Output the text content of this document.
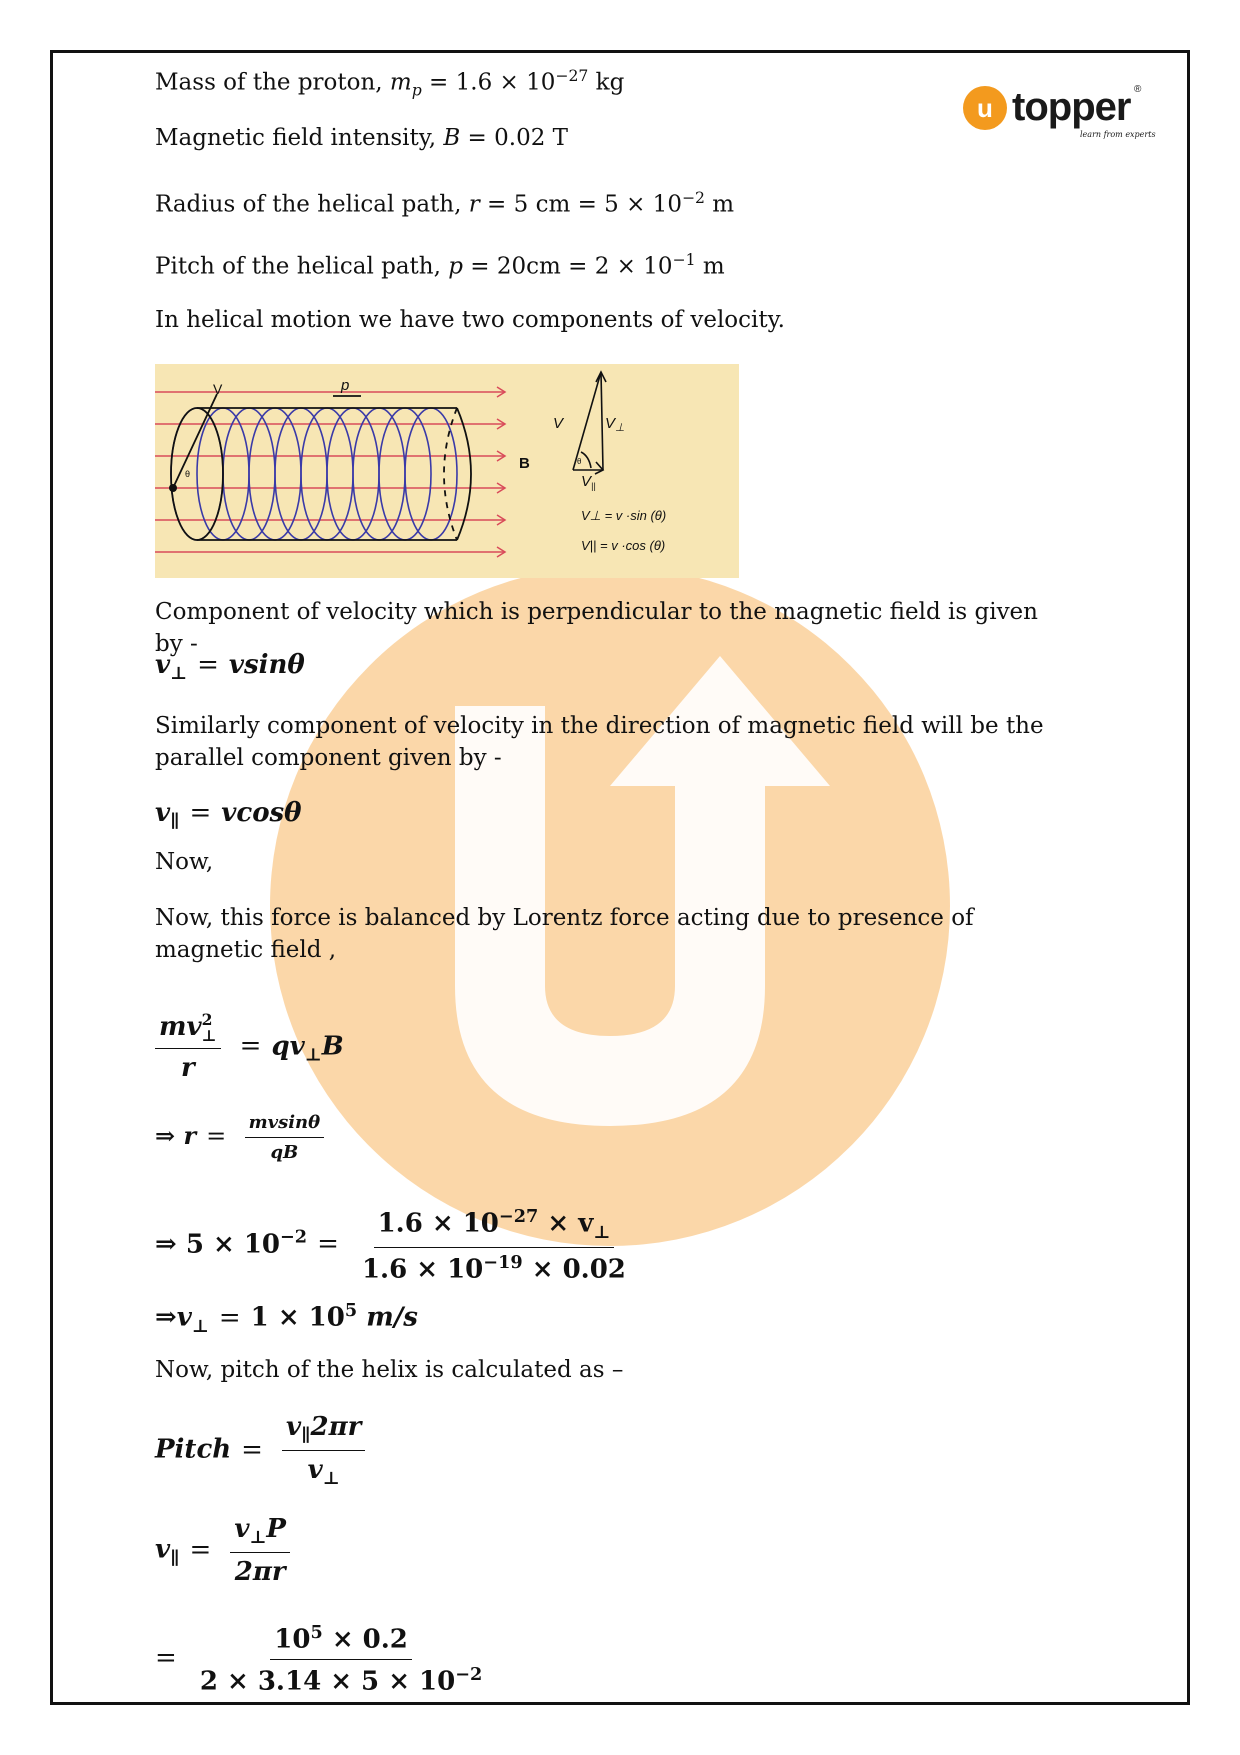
u topper ®
learn from experts

Mass of the proton, $m_p = 1.6 \times 10^{-27}$ kg

Magnetic field intensity, B = 0.02 T

Radius of the helical path, r = 5 cm = $5 \times 10^{-2}$ m

Pitch of the helical path, $p = 20cm = 2 \times 10^{-1}$ m

In helical motion we have two components of velocity.

V	p
θ
B
V	$V_\perp$
$V_{||}$
θ
V⊥ = v ·sin (θ)
V|| = v ·cos (θ)

Component of velocity which is perpendicular to the magnetic field is given by -

$v_\perp = vsin\theta$

Similarly component of velocity in the direction of magnetic field will be the parallel component given by -

$v_\parallel = vcos\theta$

Now,

Now, this force is balanced by Lorentz force acting due to presence of magnetic field ,

mv 2
⊥
$r = qv_\perp B$
⇒ $r = \frac{mvsin\theta}{qB}$
⇒ $5 \times 10^{-2} = \frac{1.6 \times 10^{-27} \times v_\perp}{1.6 \times 10^{-19} \times 0.02}$
$\Rightarrow v_\perp = 1 \times 10^5$ m/s

Now, pitch of the helix is calculated as –

Pitch = $\frac{v_\parallel 2\pi r}{v_\perp}$
$v_\parallel = \frac{v_\perp P}{2\pi r}$
= $\frac{10^5 \times 0.2}{2 \times 3.14 \times 5 \times 10^{-2}}$
